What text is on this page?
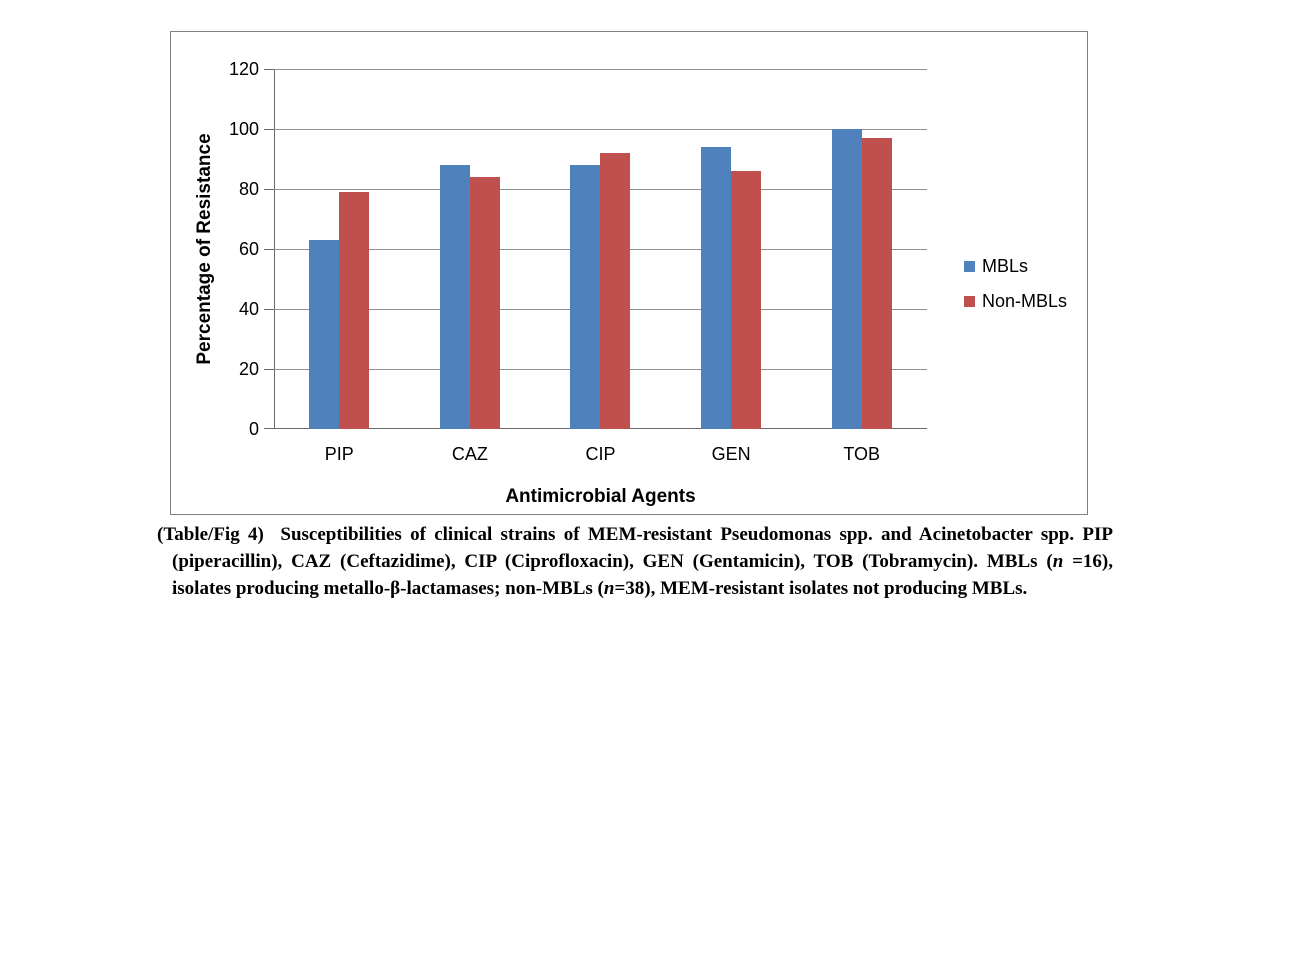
Percentage of Resistance
0
20
40
60
80
100
120
PIP	CAZ	CIP	GEN	TOB
Antimicrobial Agents
MBLs
Non-MBLs
(Table/Fig 4)  Susceptibilities of clinical strains of MEM-resistant Pseudomonas spp. and Acinetobacter spp. PIP (piperacillin), CAZ (Ceftazidime), CIP (Ciprofloxacin), GEN (Gentamicin), TOB (Tobramycin). MBLs (n =16), isolates producing metallo-β-lactamases; non-MBLs (n=38), MEM-resistant isolates not producing MBLs.
